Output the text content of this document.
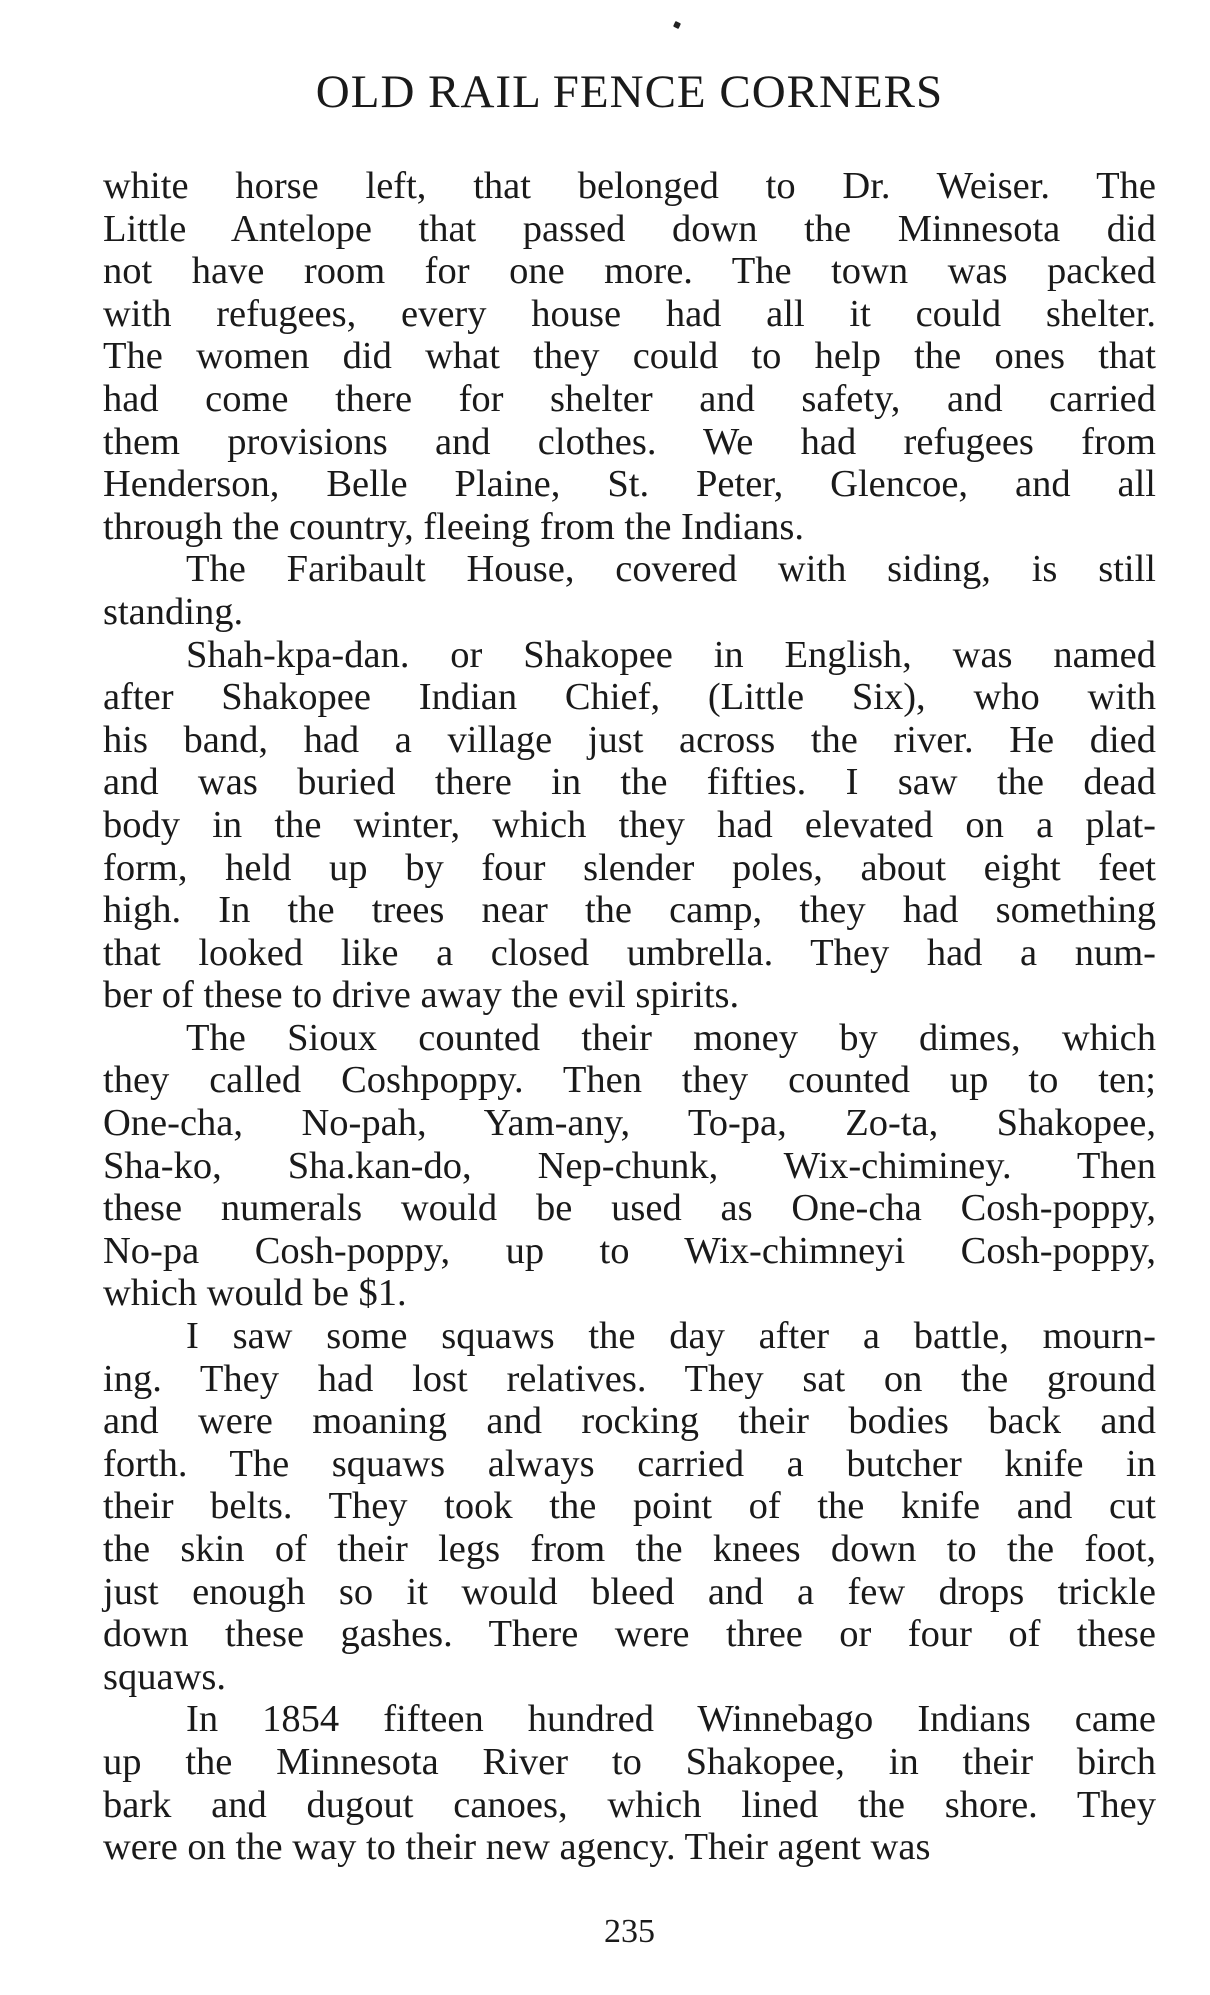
OLD RAIL FENCE CORNERS

white horse left, that belonged to Dr. Weiser. The
Little Antelope that passed down the Minnesota did
not have room for one more. The town was packed
with refugees, every house had all it could shelter.
The women did what they could to help the ones that
had come there for shelter and safety, and carried
them provisions and clothes. We had refugees from
Henderson, Belle Plaine, St. Peter, Glencoe, and all
through the country, fleeing from the Indians.

The Faribault House, covered with siding, is still
standing.

Shah-kpa-dan. or Shakopee in English, was named
after Shakopee Indian Chief, (Little Six), who with
his band, had a village just across the river. He died
and was buried there in the fifties. I saw the dead
body in the winter, which they had elevated on a plat-
form, held up by four slender poles, about eight feet
high. In the trees near the camp, they had something
that looked like a closed umbrella. They had a num-
ber of these to drive away the evil spirits.

The Sioux counted their money by dimes, which
they called Coshpoppy. Then they counted up to ten;
One-cha, No-pah, Yam-any, To-pa, Zo-ta, Shakopee,
Sha-ko, Sha.kan-do, Nep-chunk, Wix-chiminey. Then
these numerals would be used as One-cha Cosh-poppy,
No-pa Cosh-poppy, up to Wix-chimneyi Cosh-poppy,
which would be $1.

I saw some squaws the day after a battle, mourn-
ing. They had lost relatives. They sat on the ground
and were moaning and rocking their bodies back and
forth. The squaws always carried a butcher knife in
their belts. They took the point of the knife and cut
the skin of their legs from the knees down to the foot,
just enough so it would bleed and a few drops trickle
down these gashes. There were three or four of these
squaws.

In 1854 fifteen hundred Winnebago Indians came
up the Minnesota River to Shakopee, in their birch
bark and dugout canoes, which lined the shore. They
were on the way to their new agency. Their agent was

235
